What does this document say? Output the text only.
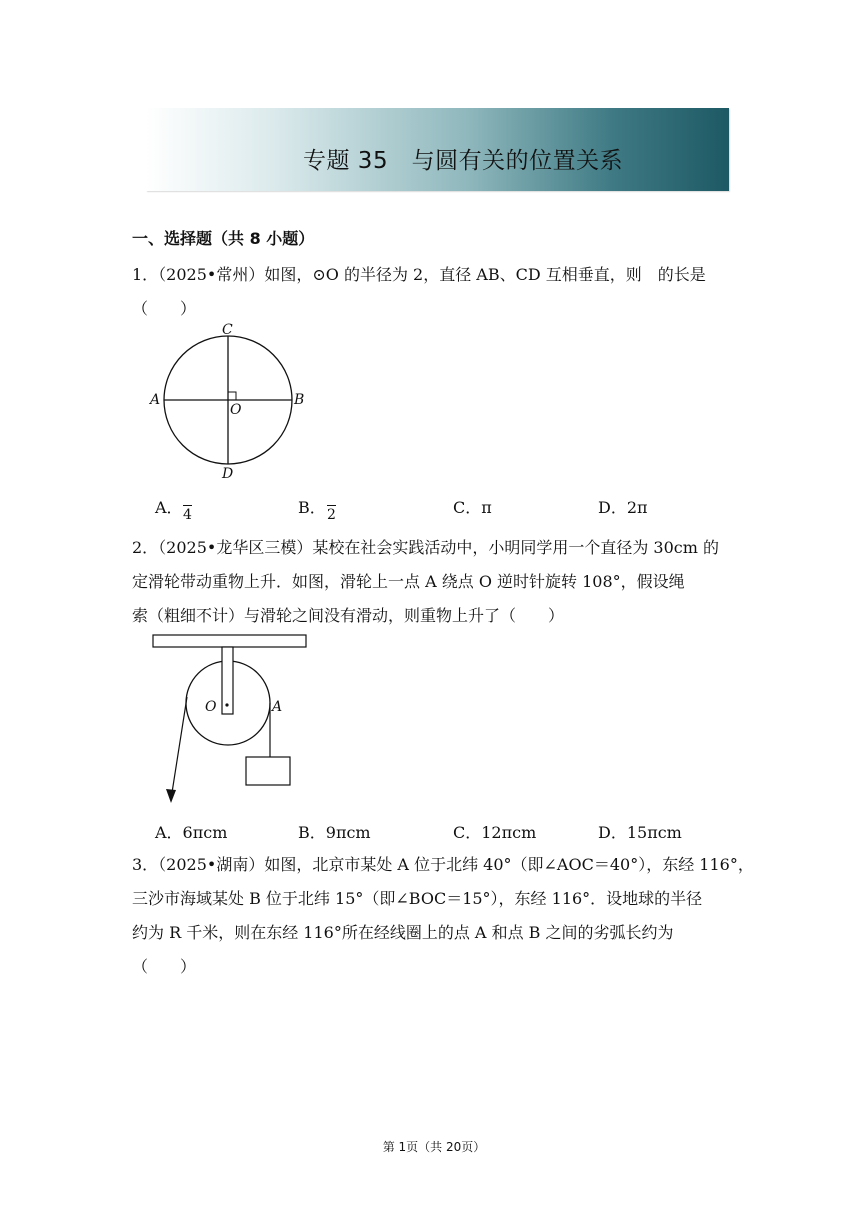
专题 35　与圆有关的位置关系
一、选择题（共 8 小题）
1．（2025•常州）如图，⊙O 的半径为 2，直径 AB、CD 互相垂直，则　的长是
（　　）
C
A
O
B
D
A． 4	B． 2	C．π	D．2π
2．（2025•龙华区三模）某校在社会实践活动中，小明同学用一个直径为 30cm 的
定滑轮带动重物上升．如图，滑轮上一点 A 绕点 O 逆时针旋转 108°，假设绳
索（粗细不计）与滑轮之间没有滑动，则重物上升了（　　）
O	A
A．6πcm	B．9πcm	C．12πcm	D．15πcm
3．（2025•湖南）如图，北京市某处 A 位于北纬 40°（即∠AOC＝40°），东经 116°，
三沙市海域某处 B 位于北纬 15°（即∠BOC＝15°），东经 116°．设地球的半径
约为 R 千米，则在东经 116°所在经线圈上的点 A 和点 B 之间的劣弧长约为
（　　）
第 1页（共 20页）
